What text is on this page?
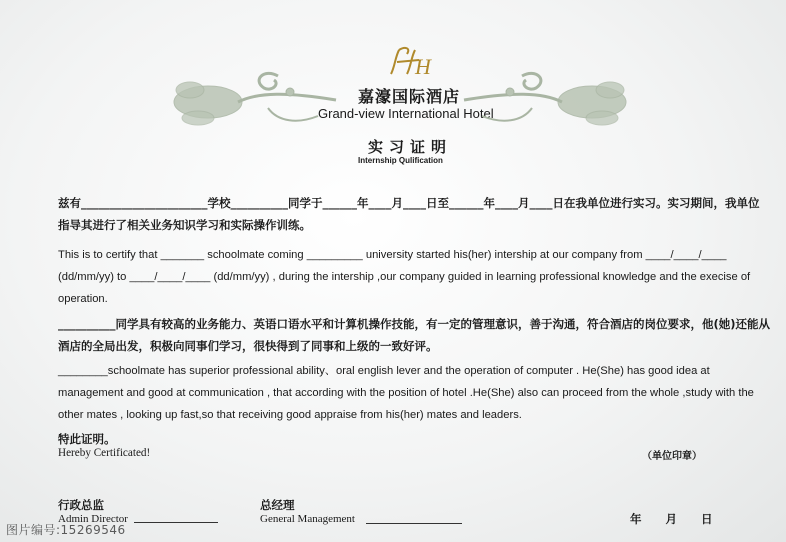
H
嘉濠国际酒店
Grand-view International Hotel
实习证明
Internship Qulification
兹有______________________学校__________同学于______年____月____日至______年____月____日在我单位进行实习。实习期间，我单位指导其进行了相关业务知识学习和实际操作训练。
This is to certify that _______ schoolmate coming _________ university started his(her) intership at our company from ____/____/____ (dd/mm/yy) to ____/____/____ (dd/mm/yy) , during the intership ,our company guided in learning professional knowledge and the execise of operation.
__________同学具有较高的业务能力、英语口语水平和计算机操作技能，有一定的管理意识，善于沟通，符合酒店的岗位要求，他(她)还能从酒店的全局出发，积极向同事们学习，很快得到了同事和上级的一致好评。
________schoolmate has superior professional ability、oral english lever and the operation of computer . He(She) has good idea at management and good at communication , that according with the position of hotel .He(She) also can proceed from the whole ,study with the other mates , looking up fast,so that receiving good appraise from his(her) mates and leaders.
特此证明。
Hereby Certificated!	（单位印章）
行政总监
Admin Director
总经理
General Management	年 月 日
图片编号:15269546
